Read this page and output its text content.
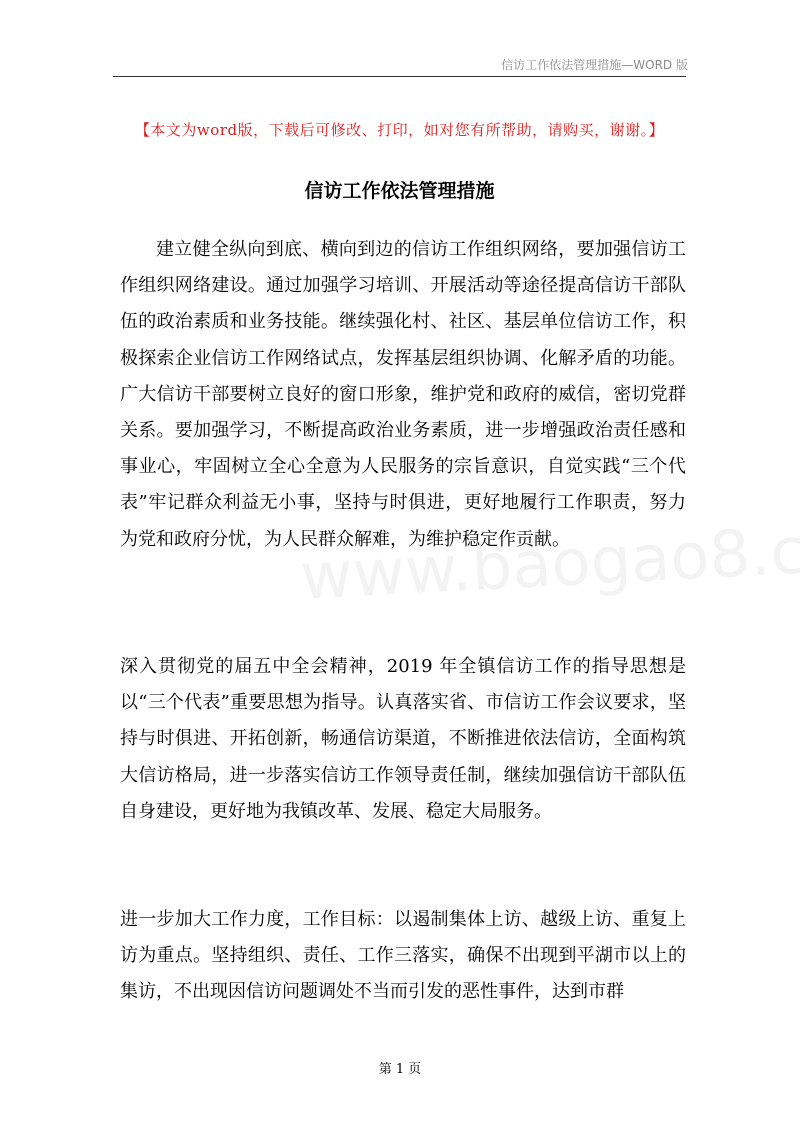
信访工作依法管理措施—WORD 版
【本文为word版，下载后可修改、打印，如对您有所帮助，请购买，谢谢。】
信访工作依法管理措施

建立健全纵向到底、横向到边的信访工作组织网络，要加强信访工作组织网络建设。通过加强学习培训、开展活动等途径提高信访干部队伍的政治素质和业务技能。继续强化村、社区、基层单位信访工作，积极探索企业信访工作网络试点，发挥基层组织协调、化解矛盾的功能。广大信访干部要树立良好的窗口形象，维护党和政府的威信，密切党群关系。要加强学习，不断提高政治业务素质，进一步增强政治责任感和事业心，牢固树立全心全意为人民服务的宗旨意识，自觉实践“三个代表”牢记群众利益无小事，坚持与时俱进，更好地履行工作职责，努力为党和政府分忧，为人民群众解难，为维护稳定作贡献。

深入贯彻党的届五中全会精神，2019 年全镇信访工作的指导思想是以“三个代表”重要思想为指导。认真落实省、市信访工作会议要求，坚持与时俱进、开拓创新，畅通信访渠道，不断推进依法信访，全面构筑大信访格局，进一步落实信访工作领导责任制，继续加强信访干部队伍自身建设，更好地为我镇改革、发展、稳定大局服务。

进一步加大工作力度，工作目标：以遏制集体上访、越级上访、重复上访为重点。坚持组织、责任、工作三落实，确保不出现到平湖市以上的集访，不出现因信访问题调处不当而引发的恶性事件，达到市群

第 1 页
